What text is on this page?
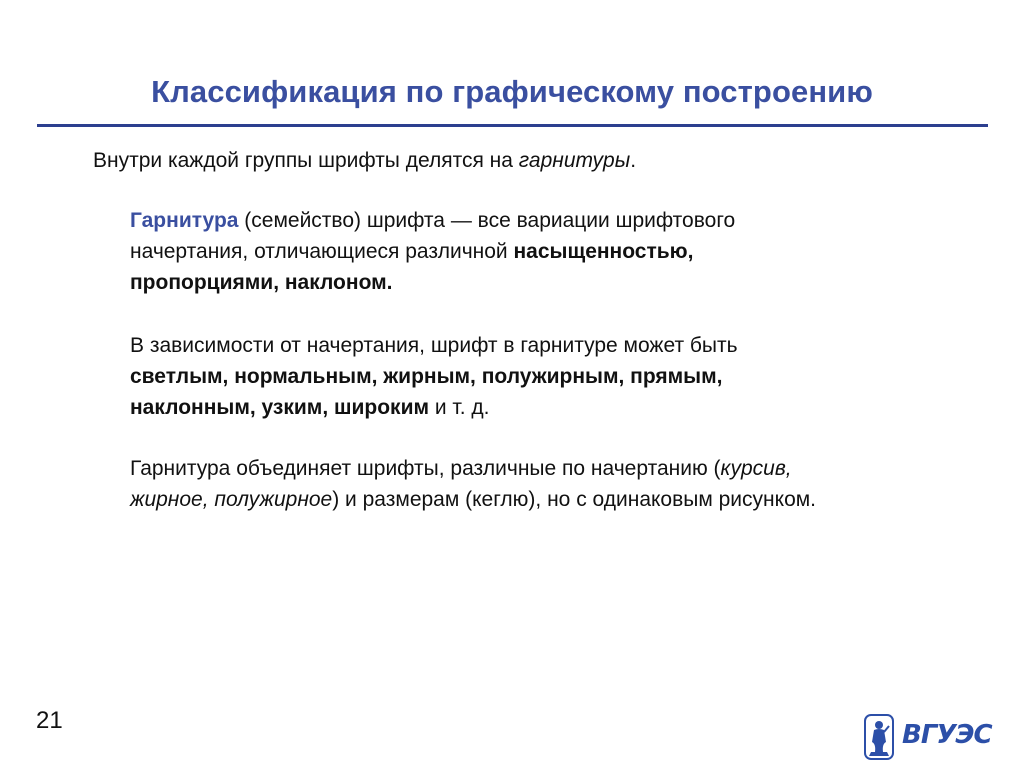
Классификация по графическому построению

Внутри каждой группы шрифты делятся на гарнитуры.

Гарнитура (семейство) шрифта — все вариации шрифтового
начертания, отличающиеся различной насыщенностью,
пропорциями, наклоном.

В зависимости от начертания, шрифт в гарнитуре может быть
светлым, нормальным, жирным, полужирным, прямым,
наклонным, узким, широким и т. д.

Гарнитура объединяет шрифты, различные по начертанию (курсив,
жирное, полужирное) и размерам (кеглю), но с одинаковым рисунком.

21	ВГУЭС
